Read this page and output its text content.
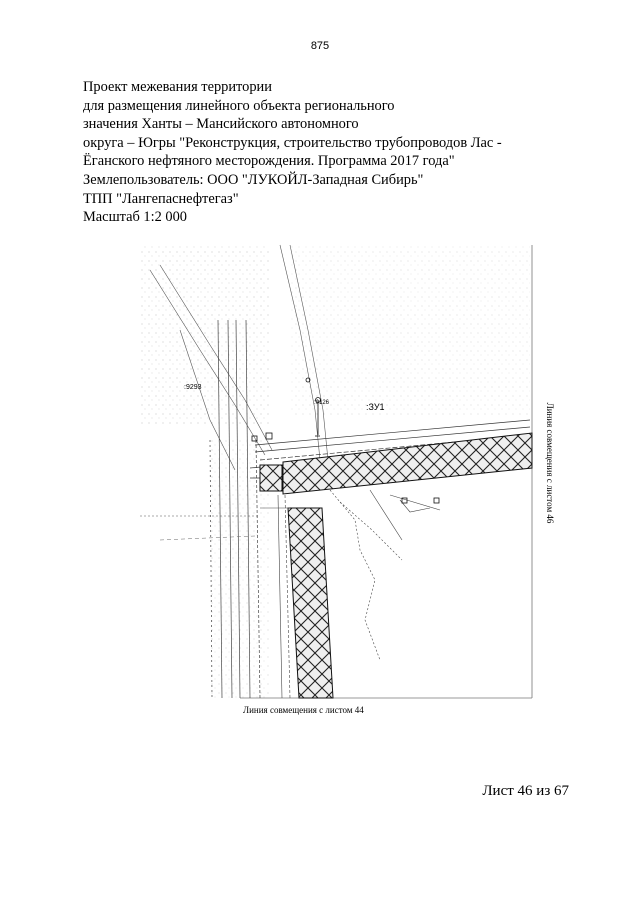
875
Проект межевания территории
для размещения линейного объекта регионального
значения Ханты – Мансийского автономного
округа – Югры "Реконструкция, строительство трубопроводов Лас -
Ёганского нефтяного месторождения. Программа 2017 года"
Землепользователь: ООО "ЛУКОЙЛ-Западная Сибирь"
ТПП "Лангепаснефтегаз"
Масштаб 1:2 000
:9293
:ЗУ1
:0126	Линия совмещения с листом 46
Линия совмещения с листом 44
Лист 46 из 67
